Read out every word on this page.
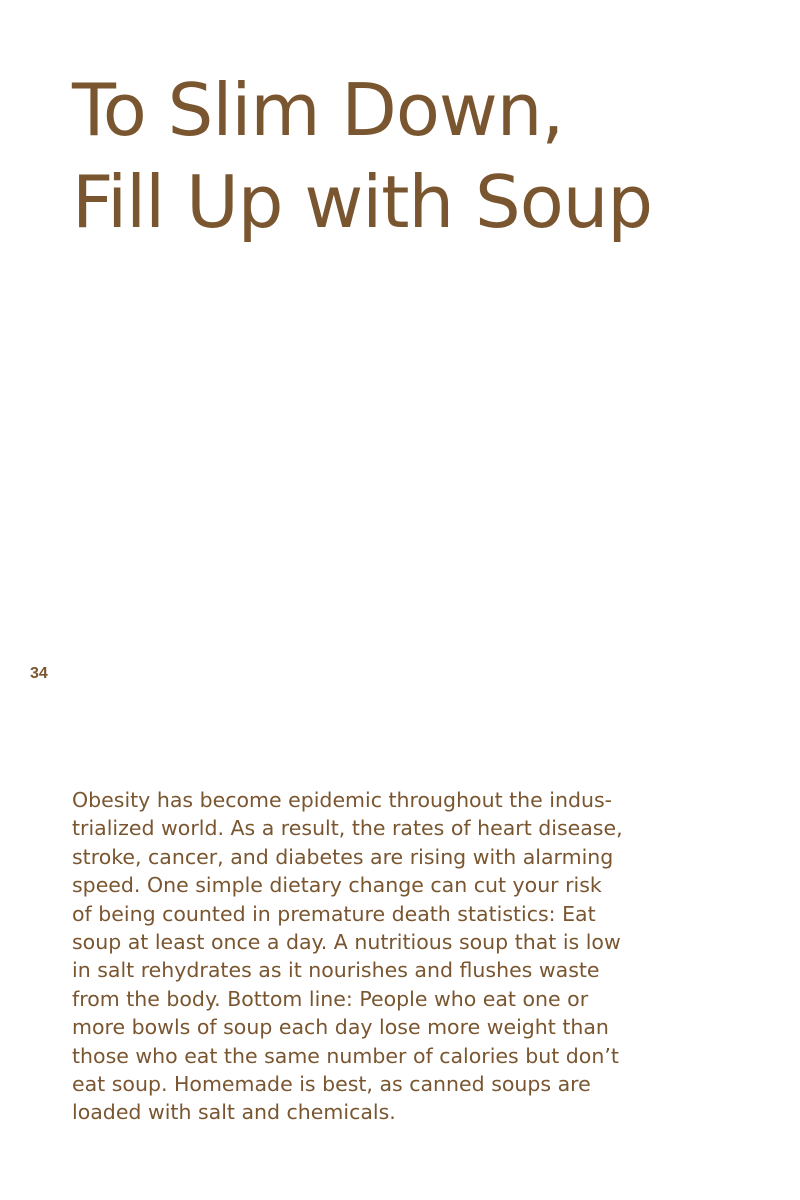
To Slim Down,
Fill Up with Soup
34

Obesity has become epidemic throughout the indus-
trialized world. As a result, the rates of heart disease,
stroke, cancer, and diabetes are rising with alarming
speed. One simple dietary change can cut your risk
of being counted in premature death statistics: Eat
soup at least once a day. A nutritious soup that is low
in salt rehydrates as it nourishes and flushes waste
from the body. Bottom line: People who eat one or
more bowls of soup each day lose more weight than
those who eat the same number of calories but don’t
eat soup. Homemade is best, as canned soups are
loaded with salt and chemicals.
